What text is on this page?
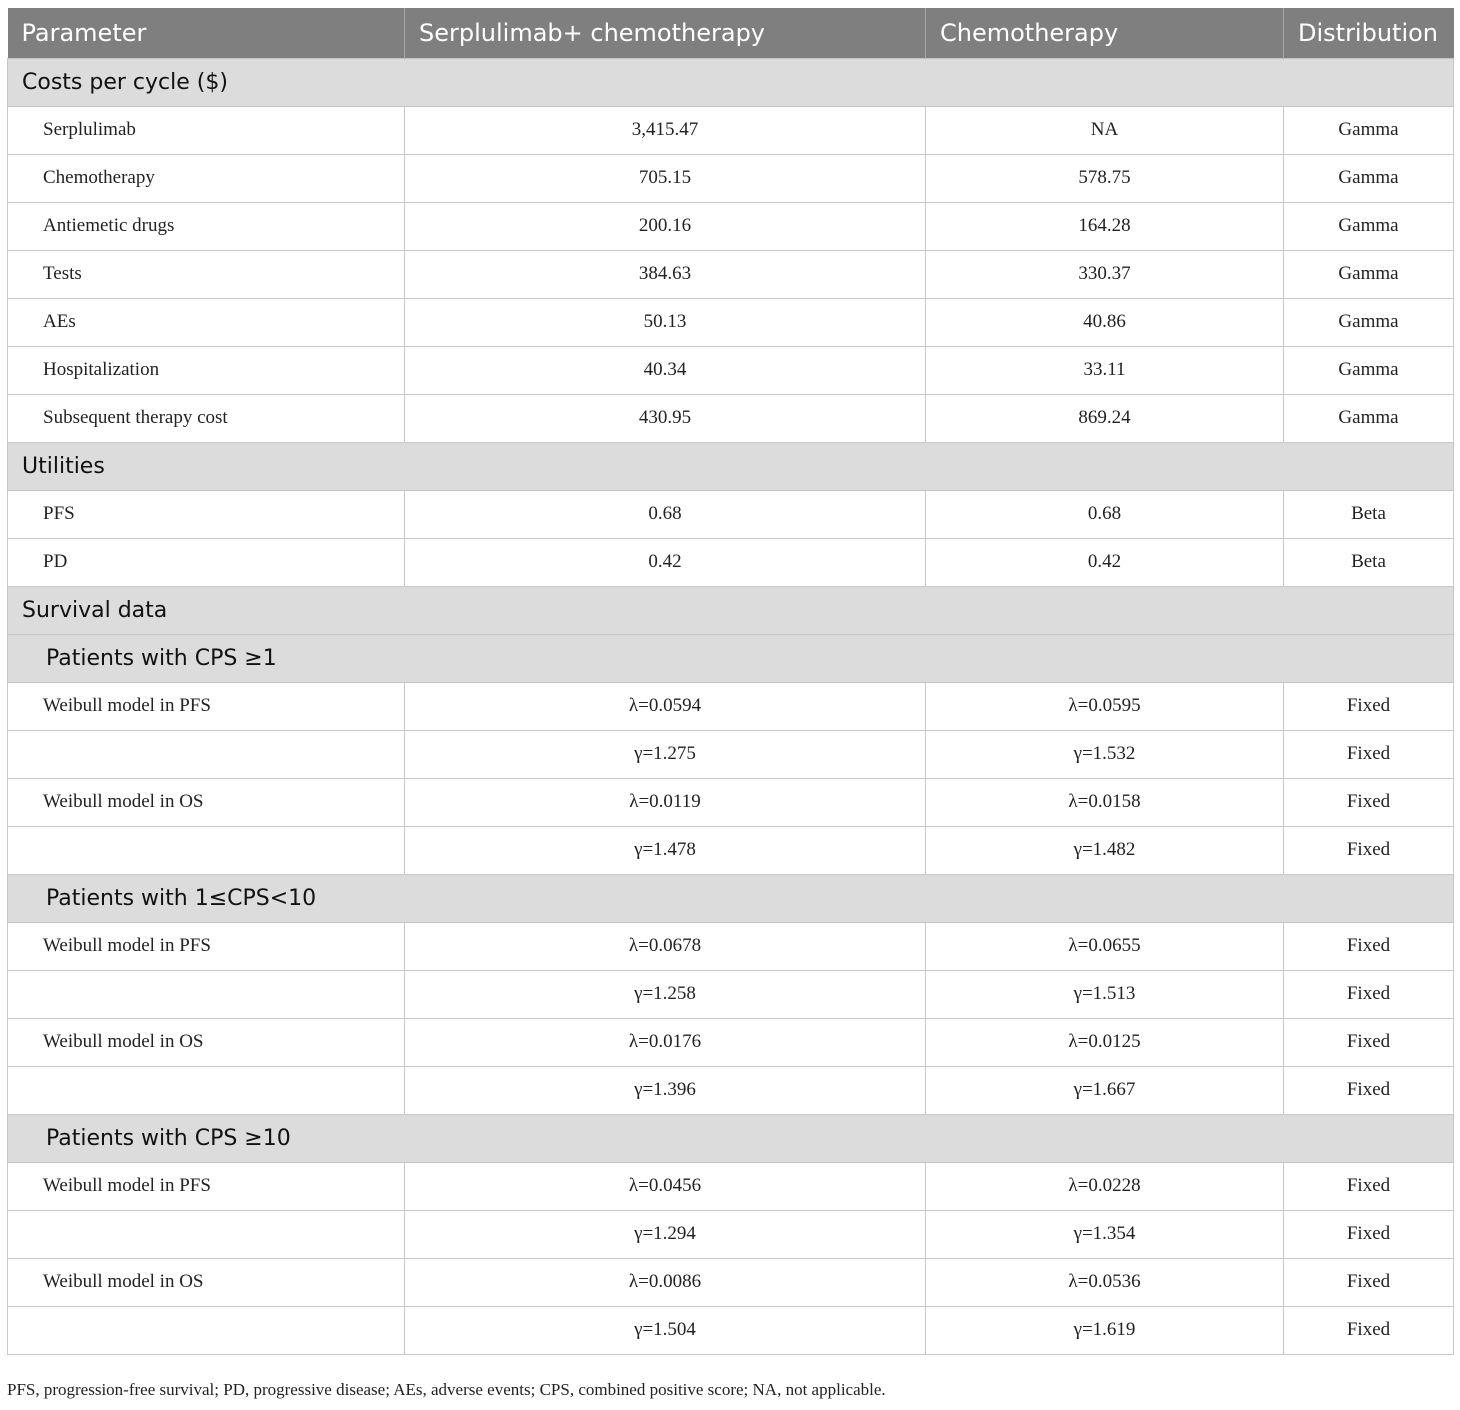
Parameter	Serplulimab+ chemotherapy	Chemotherapy	Distribution
Costs per cycle ($)			
Serplulimab	3,415.47	NA	Gamma
Chemotherapy	705.15	578.75	Gamma
Antiemetic drugs	200.16	164.28	Gamma
Tests	384.63	330.37	Gamma
AEs	50.13	40.86	Gamma
Hospitalization	40.34	33.11	Gamma
Subsequent therapy cost	430.95	869.24	Gamma
Utilities			
PFS	0.68	0.68	Beta
PD	0.42	0.42	Beta
Survival data			
Patients with CPS ≥1			
Weibull model in PFS	λ=0.0594	λ=0.0595	Fixed
	γ=1.275	γ=1.532	Fixed
Weibull model in OS	λ=0.0119	λ=0.0158	Fixed
	γ=1.478	γ=1.482	Fixed
Patients with 1≤CPS<10			
Weibull model in PFS	λ=0.0678	λ=0.0655	Fixed
	γ=1.258	γ=1.513	Fixed
Weibull model in OS	λ=0.0176	λ=0.0125	Fixed
	γ=1.396	γ=1.667	Fixed
Patients with CPS ≥10			
Weibull model in PFS	λ=0.0456	λ=0.0228	Fixed
	γ=1.294	γ=1.354	Fixed
Weibull model in OS	λ=0.0086	λ=0.0536	Fixed
	γ=1.504	γ=1.619	Fixed

PFS, progression-free survival; PD, progressive disease; AEs, adverse events; CPS, combined positive score; NA, not applicable.
